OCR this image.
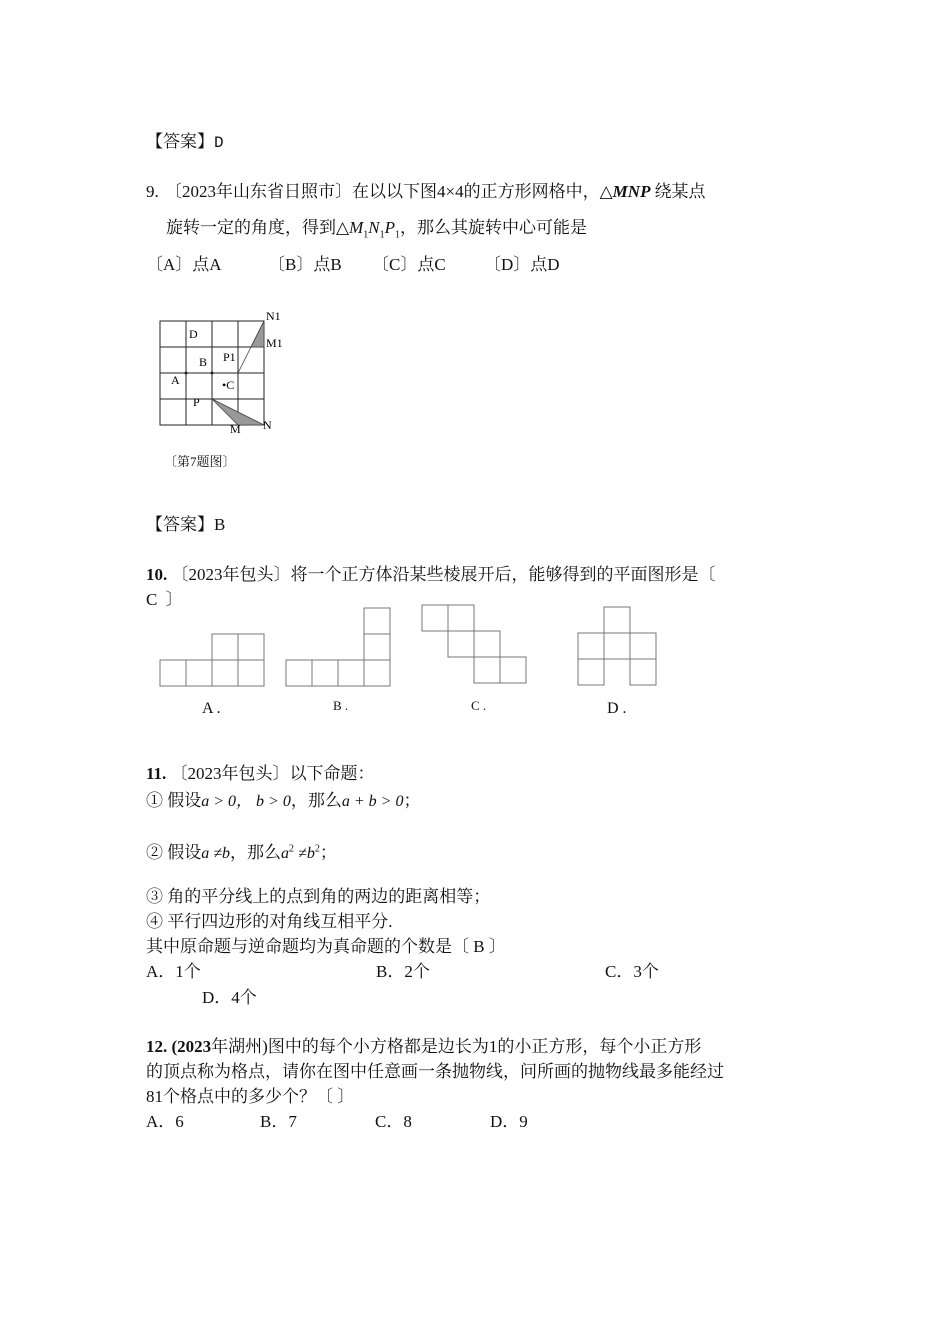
【答案】D
9. 〔2023年山东省日照市〕在以以下图4×4的正方形网格中，△MNP 绕某点
旋转一定的角度，得到$\triangle M_1N_1P_1$，那么其旋转中心可能是
〔A〕点A	〔B〕点B 〔C〕点C 〔D〕点D
N1
M1
D
B P1
A	•C
P
M N
〔第7题图〕
【答案】B
10. 〔2023年包头〕将一个正方体沿某些棱展开后，能够得到的平面图形是〔
C 〕
A .	B .	C .	D .
11. 〔2023年包头〕以下命题：
① 假设a > 0， b > 0，那么a + b > 0；
② 假设a ≠b，那么$a^2 \ne b^2$；
③ 角的平分线上的点到角的两边的距离相等；
④ 平行四边形的对角线互相平分.
其中原命题与逆命题均为真命题的个数是〔 B 〕
A．1个	B．2个	C．3个
D．4个
12. (2023年湖州)图中的每个小方格都是边长为1的小正方形，每个小正方形
的顶点称为格点，请你在图中任意画一条抛物线，问所画的抛物线最多能经过
81个格点中的多少个？〔 〕
A．6	B．7	C．8	D．9
